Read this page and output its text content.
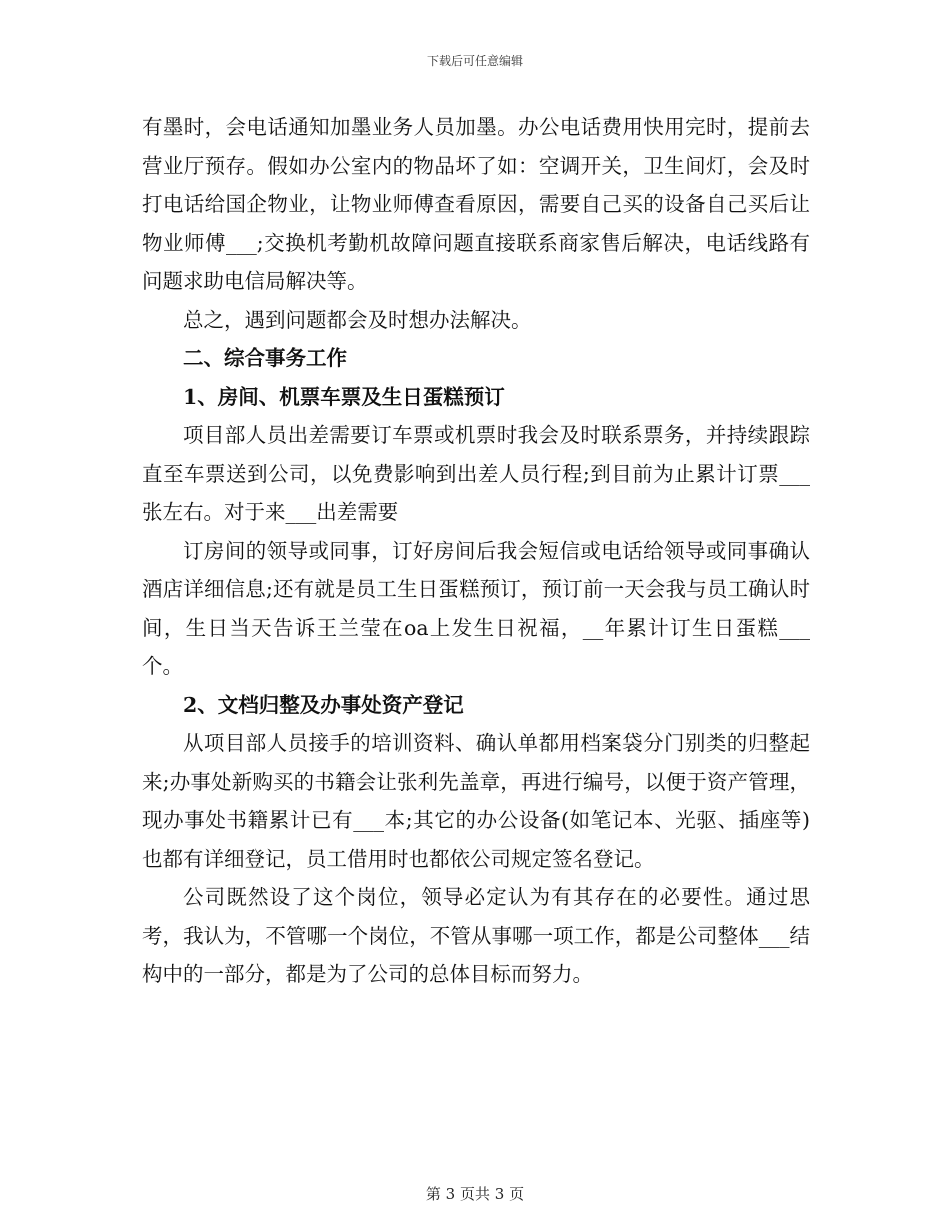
下载后可任意编辑

有墨时，会电话通知加墨业务人员加墨。办公电话费用快用完时，提前去营业厅预存。假如办公室内的物品坏了如：空调开关，卫生间灯，会及时打电话给国企物业，让物业师傅查看原因，需要自己买的设备自己买后让物业师傅___;交换机考勤机故障问题直接联系商家售后解决，电话线路有问题求助电信局解决等。

总之，遇到问题都会及时想办法解决。

二、综合事务工作

1、房间、机票车票及生日蛋糕预订

项目部人员出差需要订车票或机票时我会及时联系票务，并持续跟踪直至车票送到公司，以免费影响到出差人员行程;到目前为止累计订票___张左右。对于来___出差需要

订房间的领导或同事，订好房间后我会短信或电话给领导或同事确认酒店详细信息;还有就是员工生日蛋糕预订，预订前一天会我与员工确认时间，生日当天告诉王兰莹在oa上发生日祝福，__年累计订生日蛋糕___个。

2、文档归整及办事处资产登记

从项目部人员接手的培训资料、确认单都用档案袋分门别类的归整起来;办事处新购买的书籍会让张利先盖章，再进行编号，以便于资产管理，现办事处书籍累计已有___本;其它的办公设备(如笔记本、光驱、插座等)也都有详细登记，员工借用时也都依公司规定签名登记。

公司既然设了这个岗位，领导必定认为有其存在的必要性。通过思考，我认为，不管哪一个岗位，不管从事哪一项工作，都是公司整体___结构中的一部分，都是为了公司的总体目标而努力。

第 3 页共 3 页
